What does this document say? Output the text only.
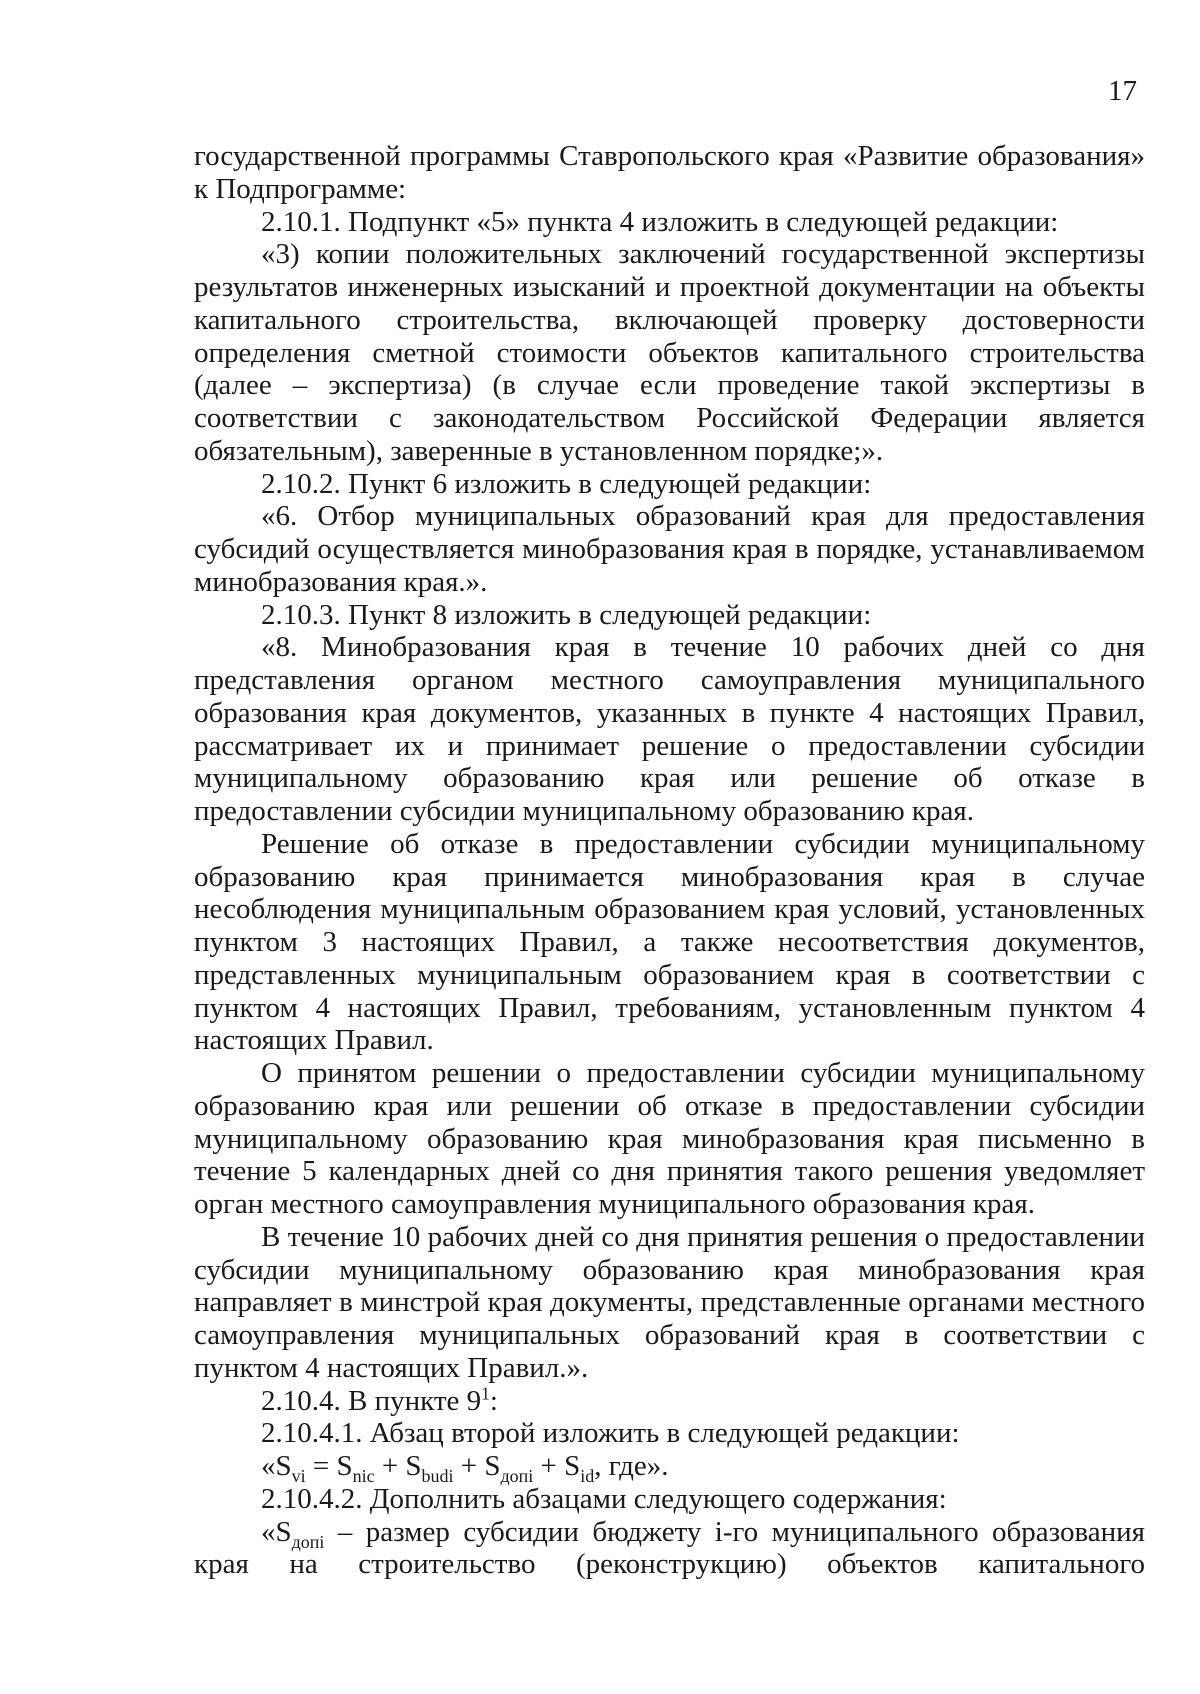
17

государственной программы Ставропольского края «Развитие образования» к Подпрограмме:

2.10.1. Подпункт «5» пункта 4 изложить в следующей редакции:

«3) копии положительных заключений государственной экспертизы результатов инженерных изысканий и проектной документации на объекты капитального строительства, включающей проверку достоверности определения сметной стоимости объектов капитального строительства (далее – экспертиза) (в случае если проведение такой экспертизы в соответствии с законодательством Российской Федерации является обязательным), заверенные в установленном порядке;».

2.10.2. Пункт 6 изложить в следующей редакции:

«6. Отбор муниципальных образований края для предоставления субсидий осуществляется минобразования края в порядке, устанавливаемом минобразования края.».

2.10.3. Пункт 8 изложить в следующей редакции:

«8. Минобразования края в течение 10 рабочих дней со дня представления органом местного самоуправления муниципального образования края документов, указанных в пункте 4 настоящих Правил, рассматривает их и принимает решение о предоставлении субсидии муниципальному образованию края или решение об отказе в предоставлении субсидии муниципальному образованию края.

Решение об отказе в предоставлении субсидии муниципальному образованию края принимается минобразования края в случае несоблюдения муниципальным образованием края условий, установленных пунктом 3 настоящих Правил, а также несоответствия документов, представленных муниципальным образованием края в соответствии с пунктом 4 настоящих Правил, требованиям, установленным пунктом 4 настоящих Правил.

О принятом решении о предоставлении субсидии муниципальному образованию края или решении об отказе в предоставлении субсидии муниципальному образованию края минобразования края письменно в течение 5 календарных дней со дня принятия такого решения уведомляет орган местного самоуправления муниципального образования края.

В течение 10 рабочих дней со дня принятия решения о предоставлении субсидии муниципальному образованию края минобразования края направляет в минстрой края документы, представленные органами местного самоуправления муниципальных образований края в соответствии с пунктом 4 настоящих Правил.».

2.10.4. В пункте $9^1$:

2.10.4.1. Абзац второй изложить в следующей редакции:

«$S_{vi} = S_{nic} + S_{budi} + S_{допi} + S_{id}$, где».

2.10.4.2. Дополнить абзацами следующего содержания:

«$S_{допi}$ – размер субсидии бюджету i-го муниципального образования края на строительство (реконструкцию) объектов капитального
